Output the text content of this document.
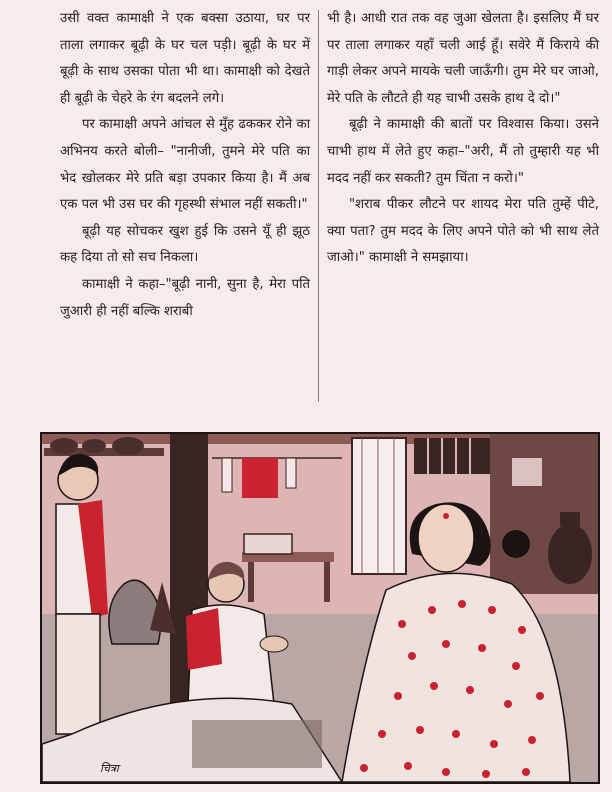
उसी वक्त कामाक्षी ने एक बक्सा उठाया, घर पर ताला लगाकर बूढ़ी के घर चल पड़ी। बूढ़ी के घर में बूढ़ी के साथ उसका पोता भी था। कामाक्षी को देखते ही बूढ़ी के चेहरे के रंग बदलने लगे।

पर कामाक्षी अपने आंचल से मुँह ढककर रोने का अभिनय करते बोली– "नानीजी, तुमने मेरे पति का भेद खोलकर मेरे प्रति बड़ा उपकार किया है। मैं अब एक पल भी उस घर की गृहस्थी संभाल नहीं सकती।"

बूढ़ी यह सोचकर खुश हुई कि उसने यूँ ही झूठ कह दिया तो सो सच निकला।

कामाक्षी ने कहा–"बूढ़ी नानी, सुना है, मेरा पति जुआरी ही नहीं बल्कि शराबी

भी है। आधी रात तक वह जुआ खेलता है। इसलिए मैं घर पर ताला लगाकर यहाँ चली आई हूँ। सवेरे मैं किराये की गाड़ी लेकर अपने मायके चली जाऊँगी। तुम मेरे घर जाओ, मेरे पति के लौटते ही यह चाभी उसके हाथ दे दो।"

बूढ़ी ने कामाक्षी की बातों पर विश्वास किया। उसने चाभी हाथ में लेते हुए कहा–"अरी, मैं तो तुम्हारी यह भी मदद नहीं कर सकती? तुम चिंता न करो।"

"शराब पीकर लौटने पर शायद मेरा पति तुम्हें पीटे, क्या पता? तुम मदद के लिए अपने पोते को भी साथ लेते जाओ।" कामाक्षी ने समझाया।

चित्रा
